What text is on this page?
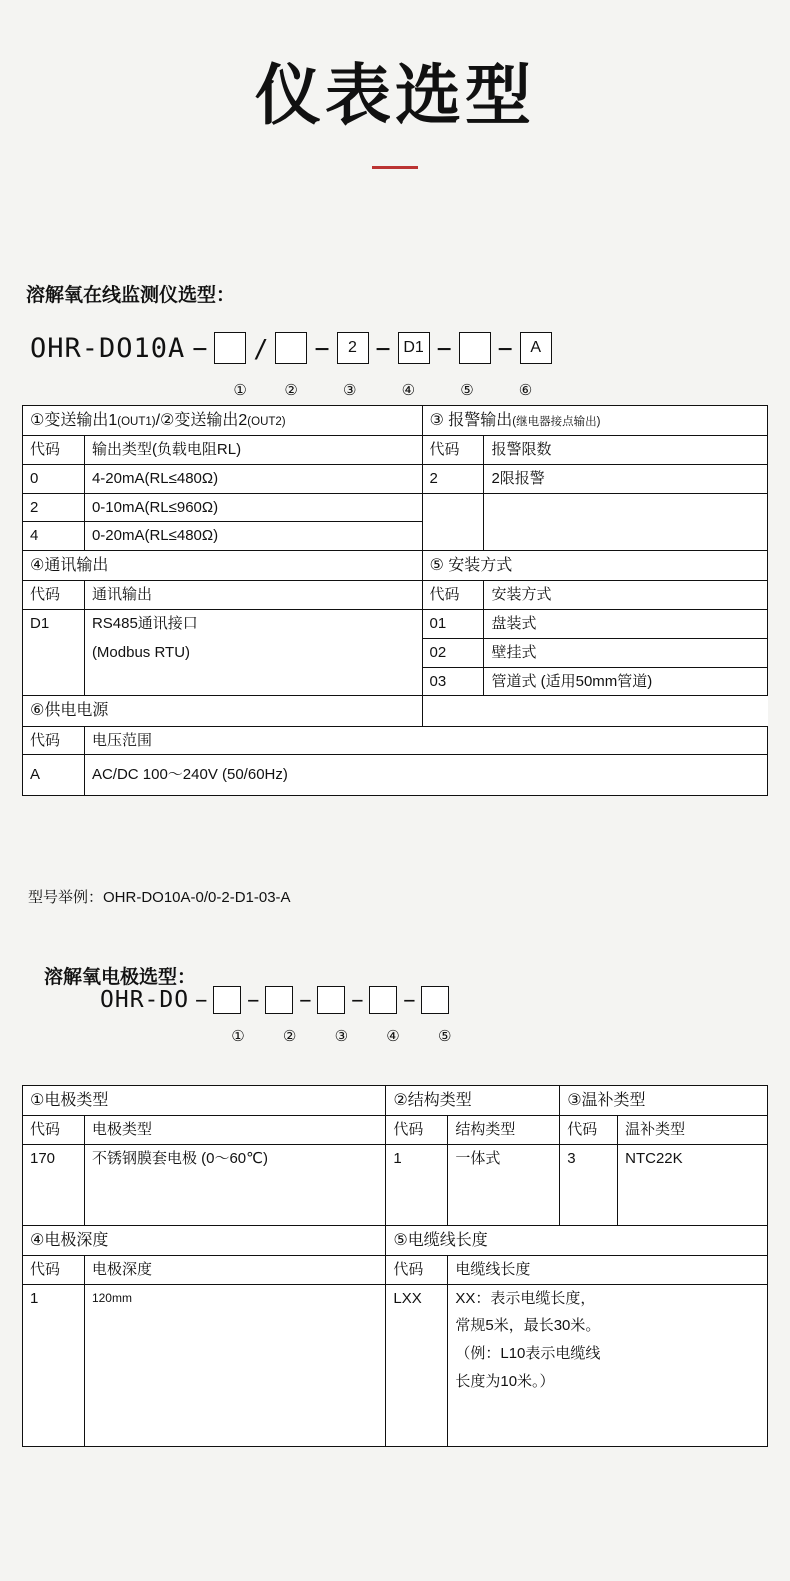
仪表选型
溶解氧在线监测仪选型：
OHR-DO10A − / −	2 − D1 − −	A
①	②	③	④	⑤	⑥
①变送输出1(OUT1)/②变送输出2(OUT2)		③ 报警输出(继电器接点输出)	
代码	输出类型(负载电阻RL)	代码	报警限数
0	4-20mA(RL≤480Ω)	2	2限报警
2	0-10mA(RL≤960Ω)		
4	0-20mA(RL≤480Ω)		
④通讯输出		⑤ 安装方式	
代码	通讯输出	代码	安装方式
D1	RS485通讯接口	01	盘装式
	(Modbus RTU)	02	壁挂式
		03	管道式 (适用50mm管道)
⑥供电电源			
代码	电压范围		
A	AC/DC 100～240V (50/60Hz)		
型号举例：OHR-DO10A-0/0-2-D1-03-A
溶解氧电极选型：
OHR-DO −	−	−	−	−
①	②	③	④	⑤
①电极类型		②结构类型		③温补类型	
代码	电极类型	代码	结构类型	代码	温补类型
170	不锈钢膜套电极 (0～60℃)	1	一体式	3	NTC22K

④电极深度		⑤电缆线长度			
代码	电极深度	代码	电缆线长度		
1	120mm	LXX	XX：表示电缆长度，		
			常规5米，最长30米。		
			（例：L10表示电缆线		
			长度为10米。）		
